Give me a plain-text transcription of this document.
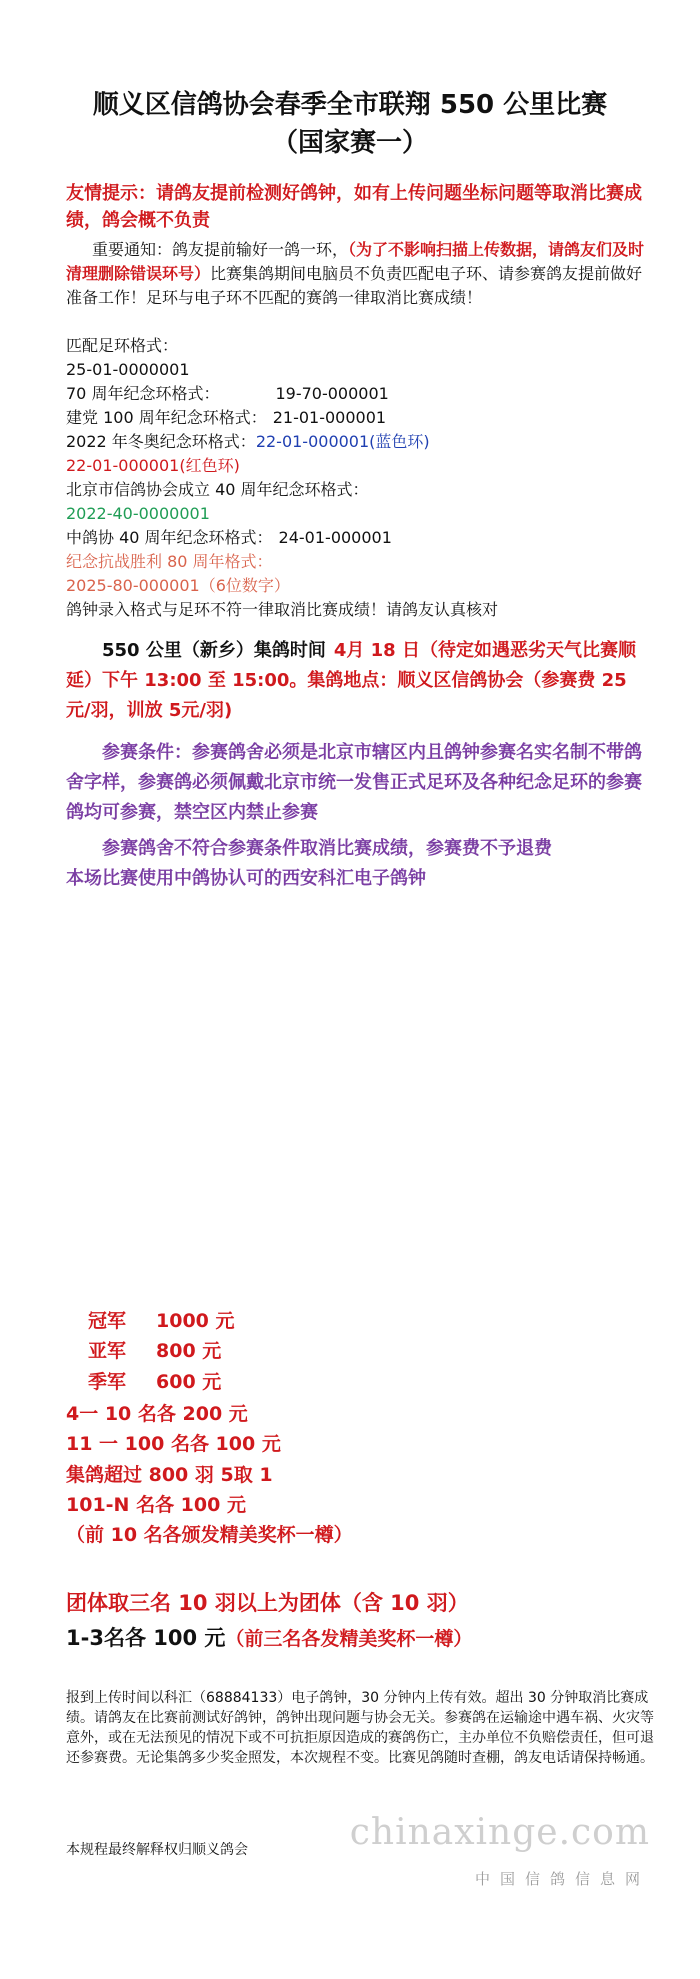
顺义区信鸽协会春季全市联翔 550 公里比赛（国家赛一）

友情提示：请鸽友提前检测好鸽钟，如有上传问题坐标问题等取消比赛成绩，鸽会概不负责

重要通知：鸽友提前输好一鸽一环，（为了不影响扫描上传数据，请鸽友们及时清理删除错误环号）比赛集鸽期间电脑员不负责匹配电子环、请参赛鸽友提前做好准备工作！足环与电子环不匹配的赛鸽一律取消比赛成绩！

匹配足环格式：
25-01-0000001
70 周年纪念环格式：	19-70-000001
建党 100 周年纪念环格式： 21-01-000001
2022 年冬奥纪念环格式：22-01-000001(蓝色环)
22-01-000001(红色环)
北京市信鸽协会成立 40 周年纪念环格式：
2022-40-0000001
中鸽协 40 周年纪念环格式： 24-01-000001
纪念抗战胜利 80 周年格式：
2025-80-000001（6位数字）
鸽钟录入格式与足环不符一律取消比赛成绩！请鸽友认真核对

550 公里（新乡）集鸽时间 4月 18 日（待定如遇恶劣天气比赛顺延）下午 13:00 至 15:00。集鸽地点：顺义区信鸽协会（参赛费 25 元/羽，训放 5元/羽)

参赛条件：参赛鸽舍必须是北京市辖区内且鸽钟参赛名实名制不带鸽舍字样，参赛鸽必须佩戴北京市统一发售正式足环及各种纪念足环的参赛鸽均可参赛，禁空区内禁止参赛

参赛鸽舍不符合参赛条件取消比赛成绩，参赛费不予退费

本场比赛使用中鸽协认可的西安科汇电子鸽钟

冠军 1000 元
亚军 800 元
季军 600 元
4一 10 名各 200 元
11 一 100 名各 100 元
集鸽超过 800 羽 5取 1
101-N 名各 100 元
（前 10 名各颁发精美奖杯一樽）
团体取三名 10 羽以上为团体（含 10 羽）
1-3名各 100 元（前三名各发精美奖杯一樽）

报到上传时间以科汇（68884133）电子鸽钟，30 分钟内上传有效。超出 30 分钟取消比赛成绩。请鸽友在比赛前测试好鸽钟，鸽钟出现问题与协会无关。参赛鸽在运输途中遇车祸、火灾等意外，或在无法预见的情况下或不可抗拒原因造成的赛鸽伤亡，主办单位不负赔偿责任，但可退还参赛费。无论集鸽多少奖金照发，本次规程不变。比赛见鸽随时查棚，鸽友电话请保持畅通。

本规程最终解释权归顺义鸽会	chinaxinge.com
中国信鸽信息网
